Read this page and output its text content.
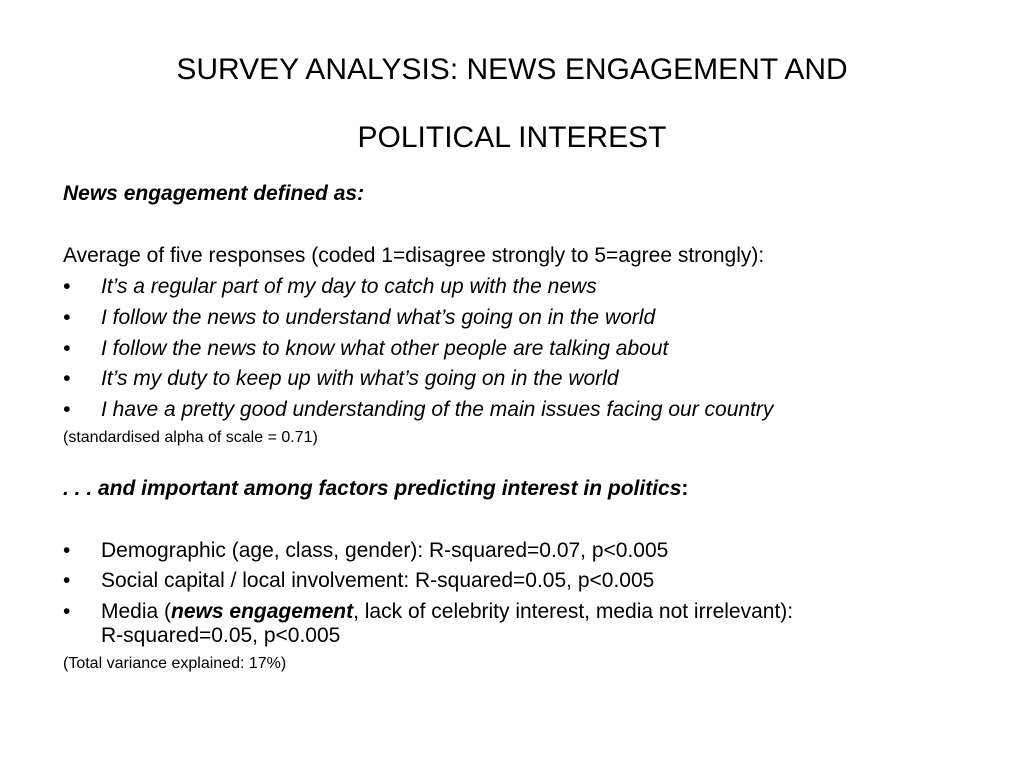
SURVEY ANALYSIS: NEWS ENGAGEMENT AND
POLITICAL INTEREST
News engagement defined as:
Average of five responses (coded 1=disagree strongly to 5=agree strongly):
• It’s a regular part of my day to catch up with the news
• I follow the news to understand what’s going on in the world
• I follow the news to know what other people are talking about
• It’s my duty to keep up with what’s going on in the world
• I have a pretty good understanding of the main issues facing our country
(standardised alpha of scale = 0.71)
. . . and important among factors predicting interest in politics:
• Demographic (age, class, gender): R-squared=0.07, p<0.005
• Social capital / local involvement: R-squared=0.05, p<0.005
• Media (news engagement, lack of celebrity interest, media not irrelevant):
R-squared=0.05, p<0.005
(Total variance explained: 17%)
